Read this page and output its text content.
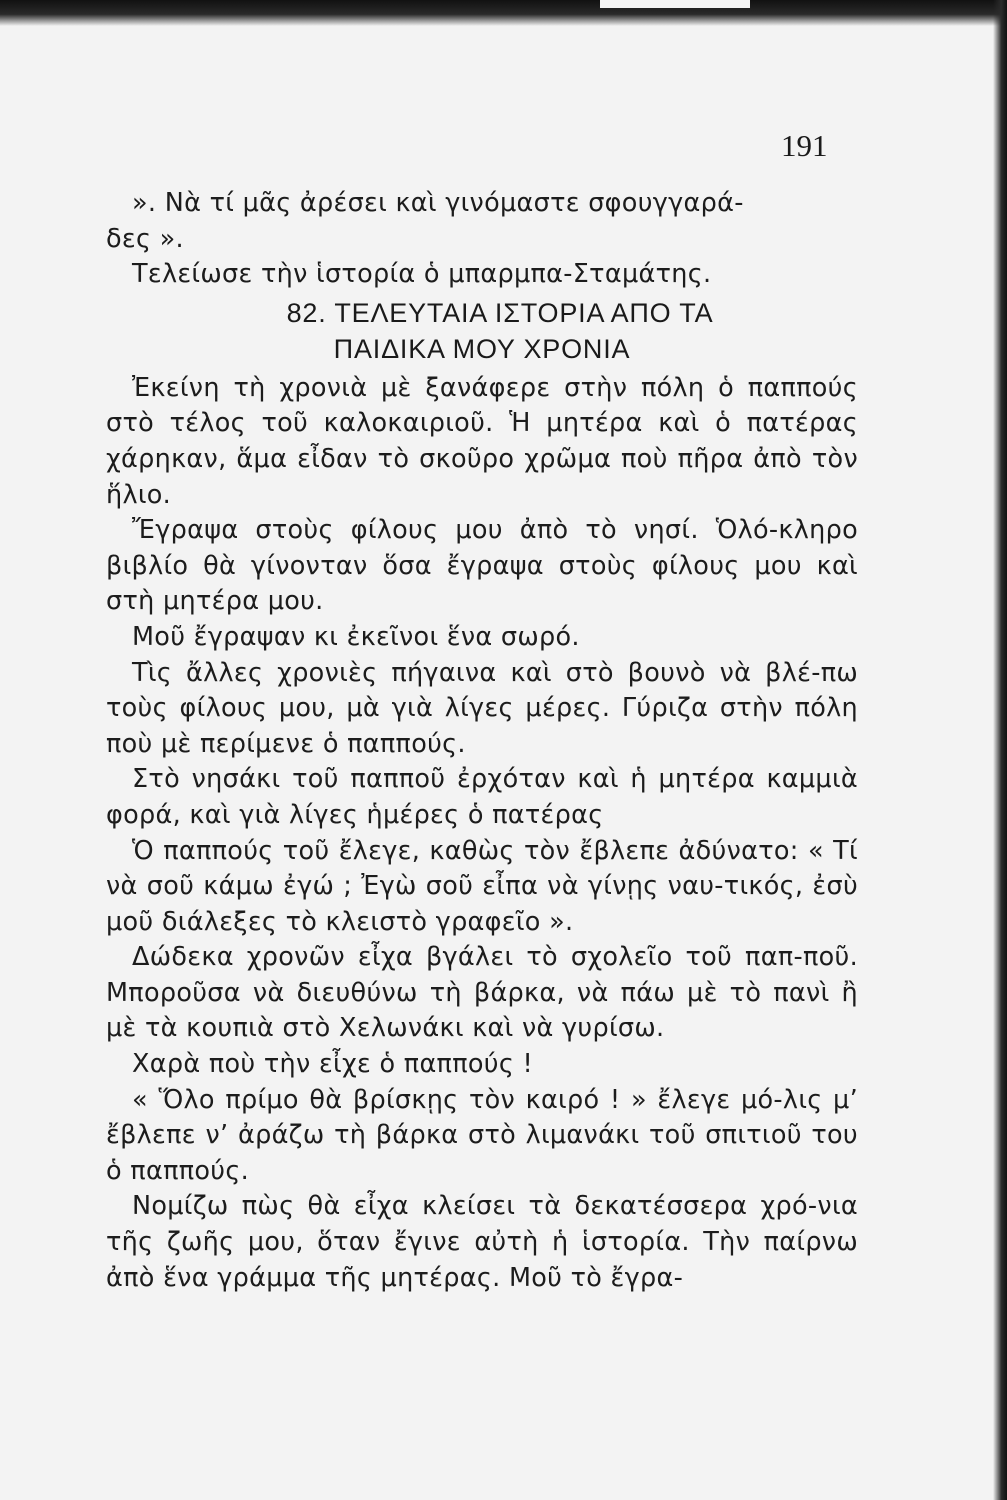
191

». Νὰ τί μᾶς ἀρέσει καὶ γινόμαστε σφουγγαρά-

δες ».

Τελείωσε τὴν ἱστορία ὁ μπαρμπα-Σταμάτης.

82. ΤΕΛΕΥΤΑΙΑ ΙΣΤΟΡΙΑ ΑΠΟ ΤΑ
ΠΑΙΔΙΚΑ ΜΟΥ ΧΡΟΝΙΑ

Ἐκείνη τὴ χρονιὰ μὲ ξανάφερε στὴν πόλη ὁ παππούς στὸ τέλος τοῦ καλοκαιριοῦ. Ἡ μητέρα καὶ ὁ πατέρας χάρηκαν, ἅμα εἶδαν τὸ σκοῦρο χρῶμα ποὺ πῆρα ἀπὸ τὸν ἥλιο.

Ἔγραψα στοὺς φίλους μου ἀπὸ τὸ νησί. Ὁλό-κληρο βιβλίο θὰ γίνονταν ὅσα ἔγραψα στοὺς φίλους μου καὶ στὴ μητέρα μου.

Μοῦ ἔγραψαν κι ἐκεῖνοι ἕνα σωρό.

Τὶς ἄλλες χρονιὲς πήγαινα καὶ στὸ βουνὸ νὰ βλέ-πω τοὺς φίλους μου, μὰ γιὰ λίγες μέρες. Γύριζα στὴν πόλη ποὺ μὲ περίμενε ὁ παππούς.

Στὸ νησάκι τοῦ παπποῦ ἐρχόταν καὶ ἡ μητέρα καμμιὰ φορά, καὶ γιὰ λίγες ἡμέρες ὁ πατέρας

Ὁ παππούς τοῦ ἔλεγε, καθὼς τὸν ἔβλεπε ἀδύνατο: « Τί νὰ σοῦ κάμω ἐγώ ; Ἐγὼ σοῦ εἶπα νὰ γίνῃς ναυ-τικός, ἐσὺ μοῦ διάλεξες τὸ κλειστὸ γραφεῖο ».

Δώδεκα χρονῶν εἶχα βγάλει τὸ σχολεῖο τοῦ παπ-ποῦ. Μποροῦσα νὰ διευθύνω τὴ βάρκα, νὰ πάω μὲ τὸ πανὶ ἢ μὲ τὰ κουπιὰ στὸ Χελωνάκι καὶ νὰ γυρίσω.

Χαρὰ ποὺ τὴν εἶχε ὁ παππούς !

« Ὅλο πρίμο θὰ βρίσκῃς τὸν καιρό ! » ἔλεγε μό-λις μ’ ἔβλεπε ν’ ἀράζω τὴ βάρκα στὸ λιμανάκι τοῦ σπιτιοῦ του ὁ παππούς.

Νομίζω πὼς θὰ εἶχα κλείσει τὰ δεκατέσσερα χρό-νια τῆς ζωῆς μου, ὅταν ἔγινε αὐτὴ ἡ ἱστορία. Τὴν παίρνω ἀπὸ ἕνα γράμμα τῆς μητέρας. Μοῦ τὸ ἔγρα-
